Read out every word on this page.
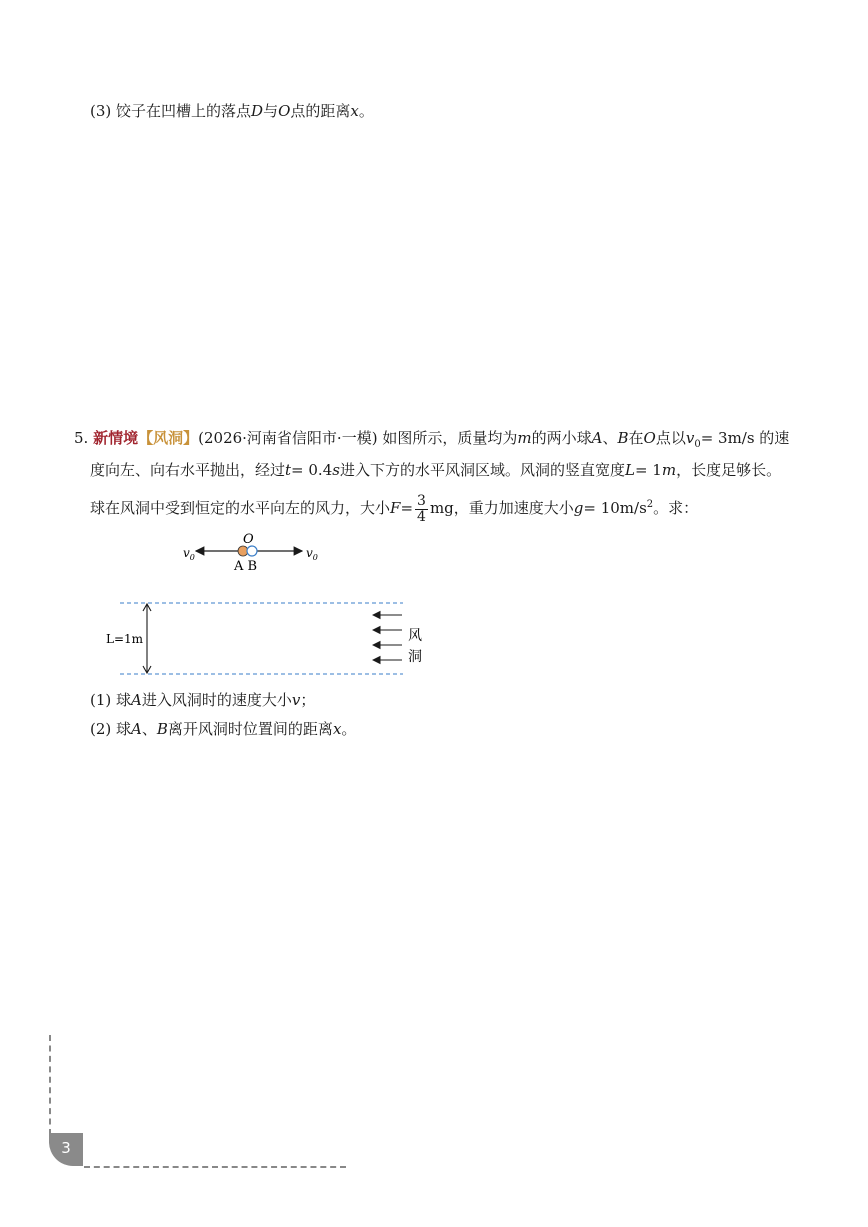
(3) 饺子在凹槽上的落点D与O点的距离x。
5. 新情境【风洞】(2026·河南省信阳市·一模) 如图所示，质量均为m的两小球A、B在O点以$v_0= 3m/s$ 的速
度向左、向右水平抛出，经过t= 0.4s进入下方的水平风洞区域。风洞的竖直宽度L= 1m，长度足够长。
球在风洞中受到恒定的水平向左的风力，大小$F= \frac{3}{4}$ mg，重力加速度大小$g= 10m/s^2$。求：
O
$v_0$	$v_0$
A B
L=1m	风
洞
(1) 球A进入风洞时的速度大小v；
(2) 球A、B离开风洞时位置间的距离x。
3
